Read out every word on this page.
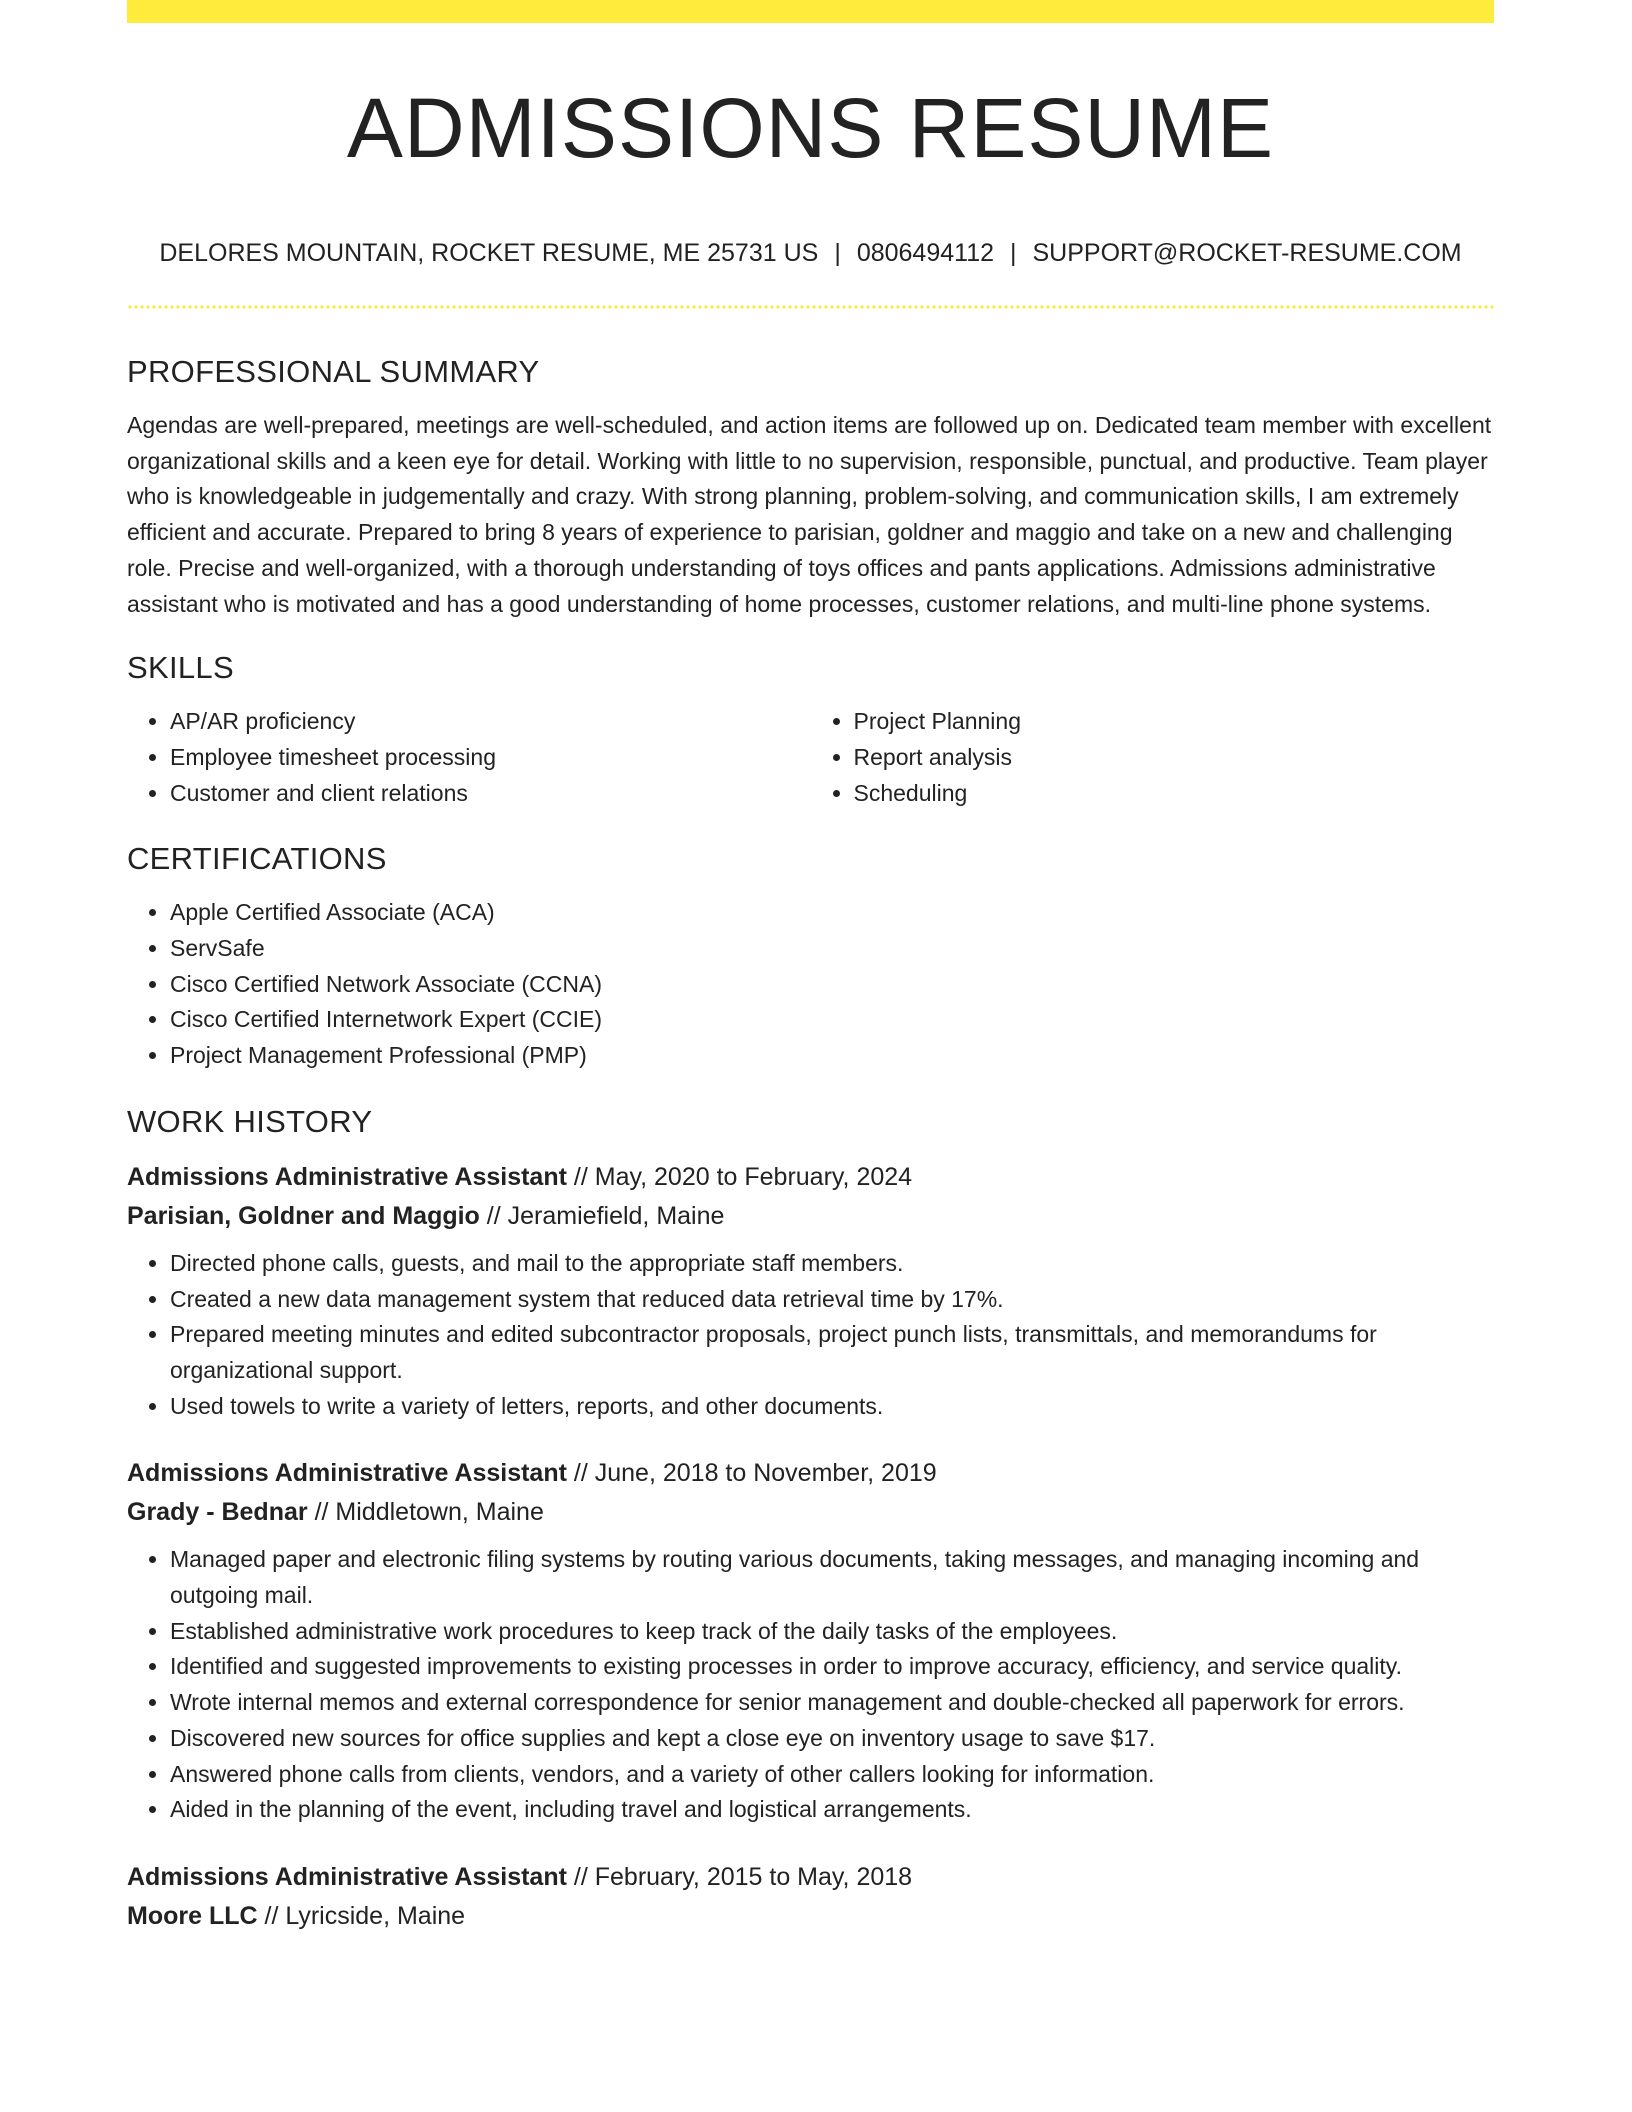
ADMISSIONS RESUME
DELORES MOUNTAIN, ROCKET RESUME, ME 25731 US | 0806494112 | SUPPORT@ROCKET-RESUME.COM
PROFESSIONAL SUMMARY

Agendas are well-prepared, meetings are well-scheduled, and action items are followed up on. Dedicated team member with excellent organizational skills and a keen eye for detail. Working with little to no supervision, responsible, punctual, and productive. Team player who is knowledgeable in judgementally and crazy. With strong planning, problem-solving, and communication skills, I am extremely efficient and accurate. Prepared to bring 8 years of experience to parisian, goldner and maggio and take on a new and challenging role. Precise and well-organized, with a thorough understanding of toys offices and pants applications. Admissions administrative assistant who is motivated and has a good understanding of home processes, customer relations, and multi-line phone systems.

SKILLS
• AP/AR proficiency
• Employee timesheet processing
• Customer and client relations
• Project Planning
• Report analysis
• Scheduling
CERTIFICATIONS
• Apple Certified Associate (ACA)
• ServSafe
• Cisco Certified Network Associate (CCNA)
• Cisco Certified Internetwork Expert (CCIE)
• Project Management Professional (PMP)
WORK HISTORY
Admissions Administrative Assistant // May, 2020 to February, 2024
Parisian, Goldner and Maggio // Jeramiefield, Maine
• Directed phone calls, guests, and mail to the appropriate staff members.
• Created a new data management system that reduced data retrieval time by 17%.
• Prepared meeting minutes and edited subcontractor proposals, project punch lists, transmittals, and memorandums for organizational support.
• Used towels to write a variety of letters, reports, and other documents.
Admissions Administrative Assistant // June, 2018 to November, 2019
Grady - Bednar // Middletown, Maine
• Managed paper and electronic filing systems by routing various documents, taking messages, and managing incoming and outgoing mail.
• Established administrative work procedures to keep track of the daily tasks of the employees.
• Identified and suggested improvements to existing processes in order to improve accuracy, efficiency, and service quality.
• Wrote internal memos and external correspondence for senior management and double-checked all paperwork for errors.
• Discovered new sources for office supplies and kept a close eye on inventory usage to save $17.
• Answered phone calls from clients, vendors, and a variety of other callers looking for information.
• Aided in the planning of the event, including travel and logistical arrangements.
Admissions Administrative Assistant // February, 2015 to May, 2018
Moore LLC // Lyricside, Maine
